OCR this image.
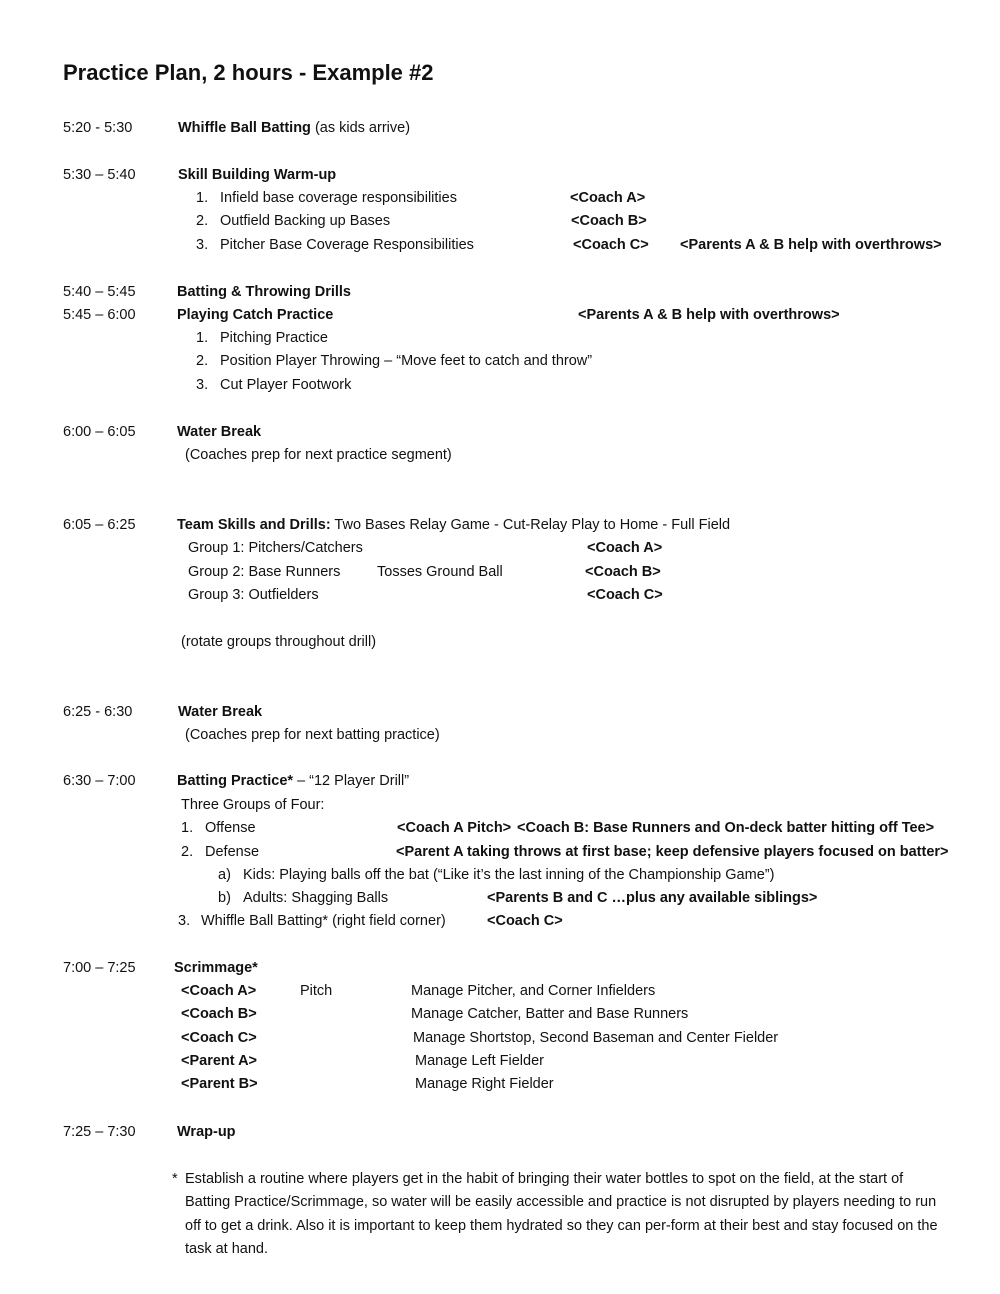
Practice Plan, 2 hours - Example #2
5:20 - 5:30	Whiffle Ball Batting (as kids arrive)
5:30 – 5:40	Skill Building Warm-up
1. Infield base coverage responsibilities	<Coach A>
2. Outfield Backing up Bases	<Coach B>
3. Pitcher Base Coverage Responsibilities	<Coach C> <Parents A & B help with overthrows>
5:40 – 5:45	Batting & Throwing Drills
5:45 – 6:00	Playing Catch Practice	<Parents A & B help with overthrows>
1. Pitching Practice
2. Position Player Throwing – “Move feet to catch and throw”
3. Cut Player Footwork
6:00 – 6:05	Water Break
(Coaches prep for next practice segment)
6:05 – 6:25	Team Skills and Drills: Two Bases Relay Game - Cut-Relay Play to Home - Full Field
Group 1: Pitchers/Catchers	<Coach A>
Group 2: Base Runners	Tosses Ground Ball	<Coach B>
Group 3: Outfielders	<Coach C>
(rotate groups throughout drill)
6:25 - 6:30	Water Break
(Coaches prep for next batting practice)
6:30 – 7:00	Batting Practice* – “12 Player Drill”
Three Groups of Four:
1. Offense	<Coach A Pitch> <Coach B: Base Runners and On-deck batter hitting off Tee>
2. Defense	<Parent A taking throws at first base; keep defensive players focused on batter>
a) Kids: Playing balls off the bat (“Like it’s the last inning of the Championship Game”)
b) Adults: Shagging Balls	<Parents B and C …plus any available siblings>
3. Whiffle Ball Batting* (right field corner)	<Coach C>
7:00 – 7:25	Scrimmage*
<Coach A>	Pitch	Manage Pitcher, and Corner Infielders
<Coach B>	Manage Catcher, Batter and Base Runners
<Coach C>	Manage Shortstop, Second Baseman and Center Fielder
<Parent A>	Manage Left Fielder
<Parent B>	Manage Right Fielder
7:25 – 7:30	Wrap-up
* Establish a routine where players get in the habit of bringing their water bottles to spot on the field, at the start of Batting Practice/Scrimmage, so water will be easily accessible and practice is not disrupted by players needing to run off to get a drink. Also it is important to keep them hydrated so they can per-form at their best and stay focused on the task at hand.
